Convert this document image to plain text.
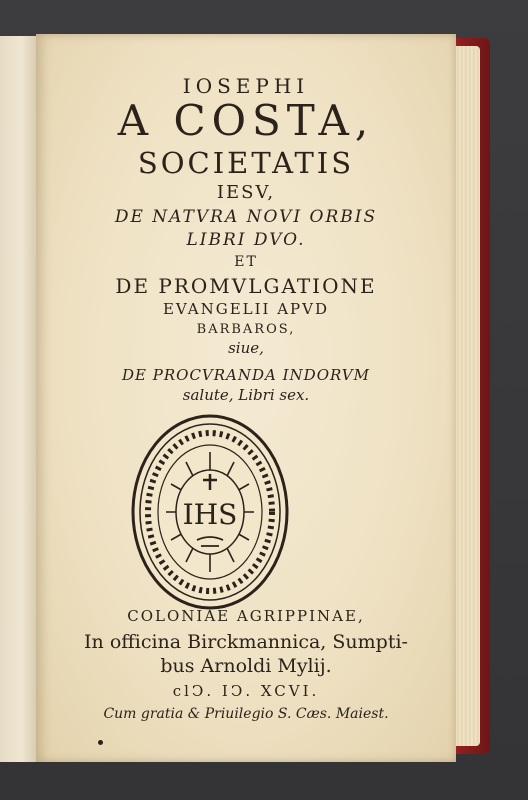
IOSEPHI
A COSTA,
SOCIETATIS
IESV,
DE NATVRA NOVI ORBIS
LIBRI DVO.
ET
DE PROMVLGATIONE
EVANGELII APVD
BARBAROS,
siue,
DE PROCVRANDA INDORVM
salute, Libri sex.
IHS
COLONIAE AGRIPPINAE,
In officina Birckmannica, Sumpti-
bus Arnoldi Mylij.
clↃ. IↃ. XCVI.
Cum gratia & Priuilegio S. Cæs. Maiest.
